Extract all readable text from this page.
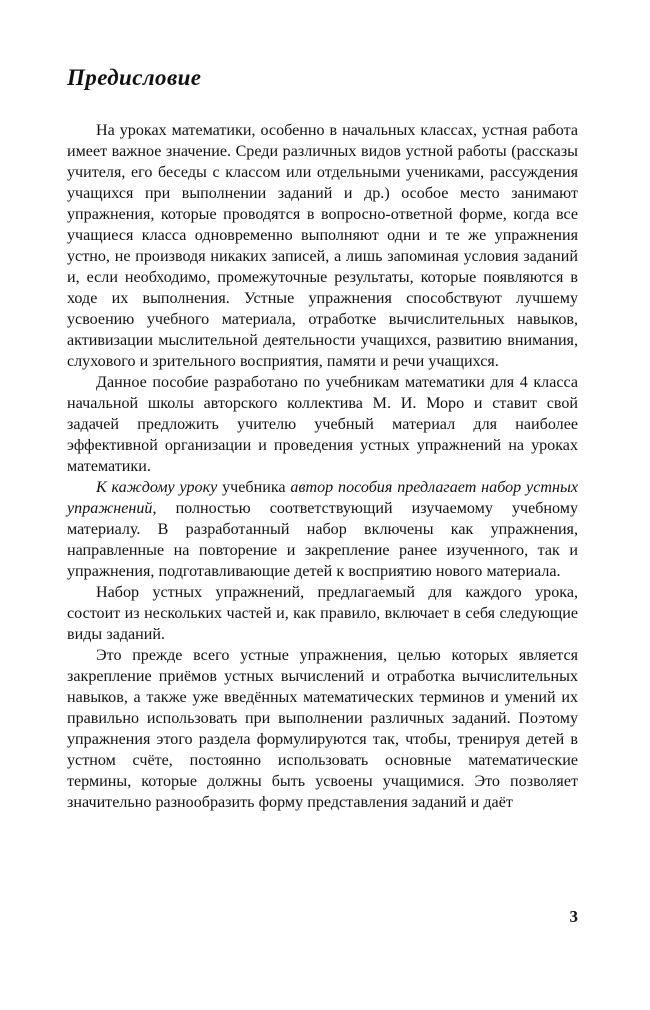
Предисловие

На уроках математики, особенно в начальных классах, устная работа имеет важное значение. Среди различных видов устной работы (рассказы учителя, его беседы с классом или отдельными учениками, рассуждения учащихся при выполнении заданий и др.) особое место занимают упражнения, которые проводятся в вопросно-ответной форме, когда все учащиеся класса одновременно выполняют одни и те же упражнения устно, не производя никаких записей, а лишь запоминая условия заданий и, если необходимо, промежуточные результаты, которые появляются в ходе их выполнения. Устные упражнения способствуют лучшему усвоению учебного материала, отработке вычислительных навыков, активизации мыслительной деятельности учащихся, развитию внимания, слухового и зрительного восприятия, памяти и речи учащихся.

Данное пособие разработано по учебникам математики для 4 класса начальной школы авторского коллектива М. И. Моро и ставит свой задачей предложить учителю учебный материал для наиболее эффективной организации и проведения устных упражнений на уроках математики.

К каждому уроку учебника автор пособия предлагает набор устных упражнений, полностью соответствующий изучаемому учебному материалу. В разработанный набор включены как упражнения, направленные на повторение и закрепление ранее изученного, так и упражнения, подготавливающие детей к восприятию нового материала.

Набор устных упражнений, предлагаемый для каждого урока, состоит из нескольких частей и, как правило, включает в себя следующие виды заданий.

Это прежде всего устные упражнения, целью которых является закрепление приёмов устных вычислений и отработка вычислительных навыков, а также уже введённых математических терминов и умений их правильно использовать при выполнении различных заданий. Поэтому упражнения этого раздела формулируются так, чтобы, тренируя детей в устном счёте, постоянно использовать основные математические термины, которые должны быть усвоены учащимися. Это позволяет значительно разнообразить форму представления заданий и даёт

3
